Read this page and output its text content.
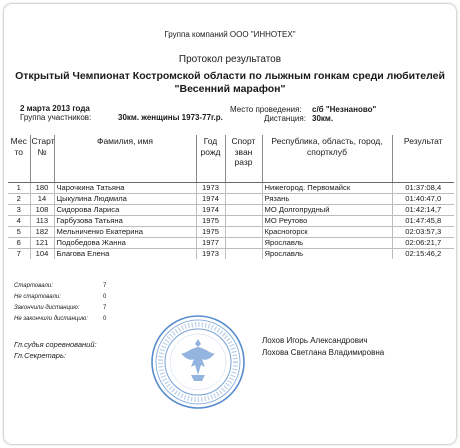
Группа компаний ООО "ИННОТЕХ"
Протокол результатов
Открытый Чемпионат Костромской области по лыжным гонкам среди любителей "Весенний марафон"
2 марта 2013 года
Группа участников:	30км. женщины 1973-77г.р.
Место проведения: с/б "Незнаново"
Дистанция: 30км.
Мес то	Старт №	Фамилия, имя	Год рожд	Спорт зван разр	Республика, область, город, спортклуб	Результат
1	180	Чарочкина Татьяна	1973		Нижегород. Первомайск	01:37:08,4
2	14	Цыкулина Людмила	1974		Рязань	01:40:47,0
3	108	Сидорова Лариса	1974		МО Долгопрудный	01:42:14,7
4	113	Гарбузова Татьяна	1975		МО Реутово	01:47:45,8
5	182	Мельниченко Екатерина	1975		Красногорск	02:03:57,3
6	121	Подобедова Жанна	1977		Ярославль	02:06:21,7
7	104	Благова Елена	1973		Ярославль	02:15:46,2
Стартовали:	7
Не стартовали:	0
Закончили дистанцию:	7
Не закончили дистанцию:	0
Гл.судья соревнований:
Гл.Секретарь:
Лохов Игорь Александрович
Лохова Светлана Владимировна
